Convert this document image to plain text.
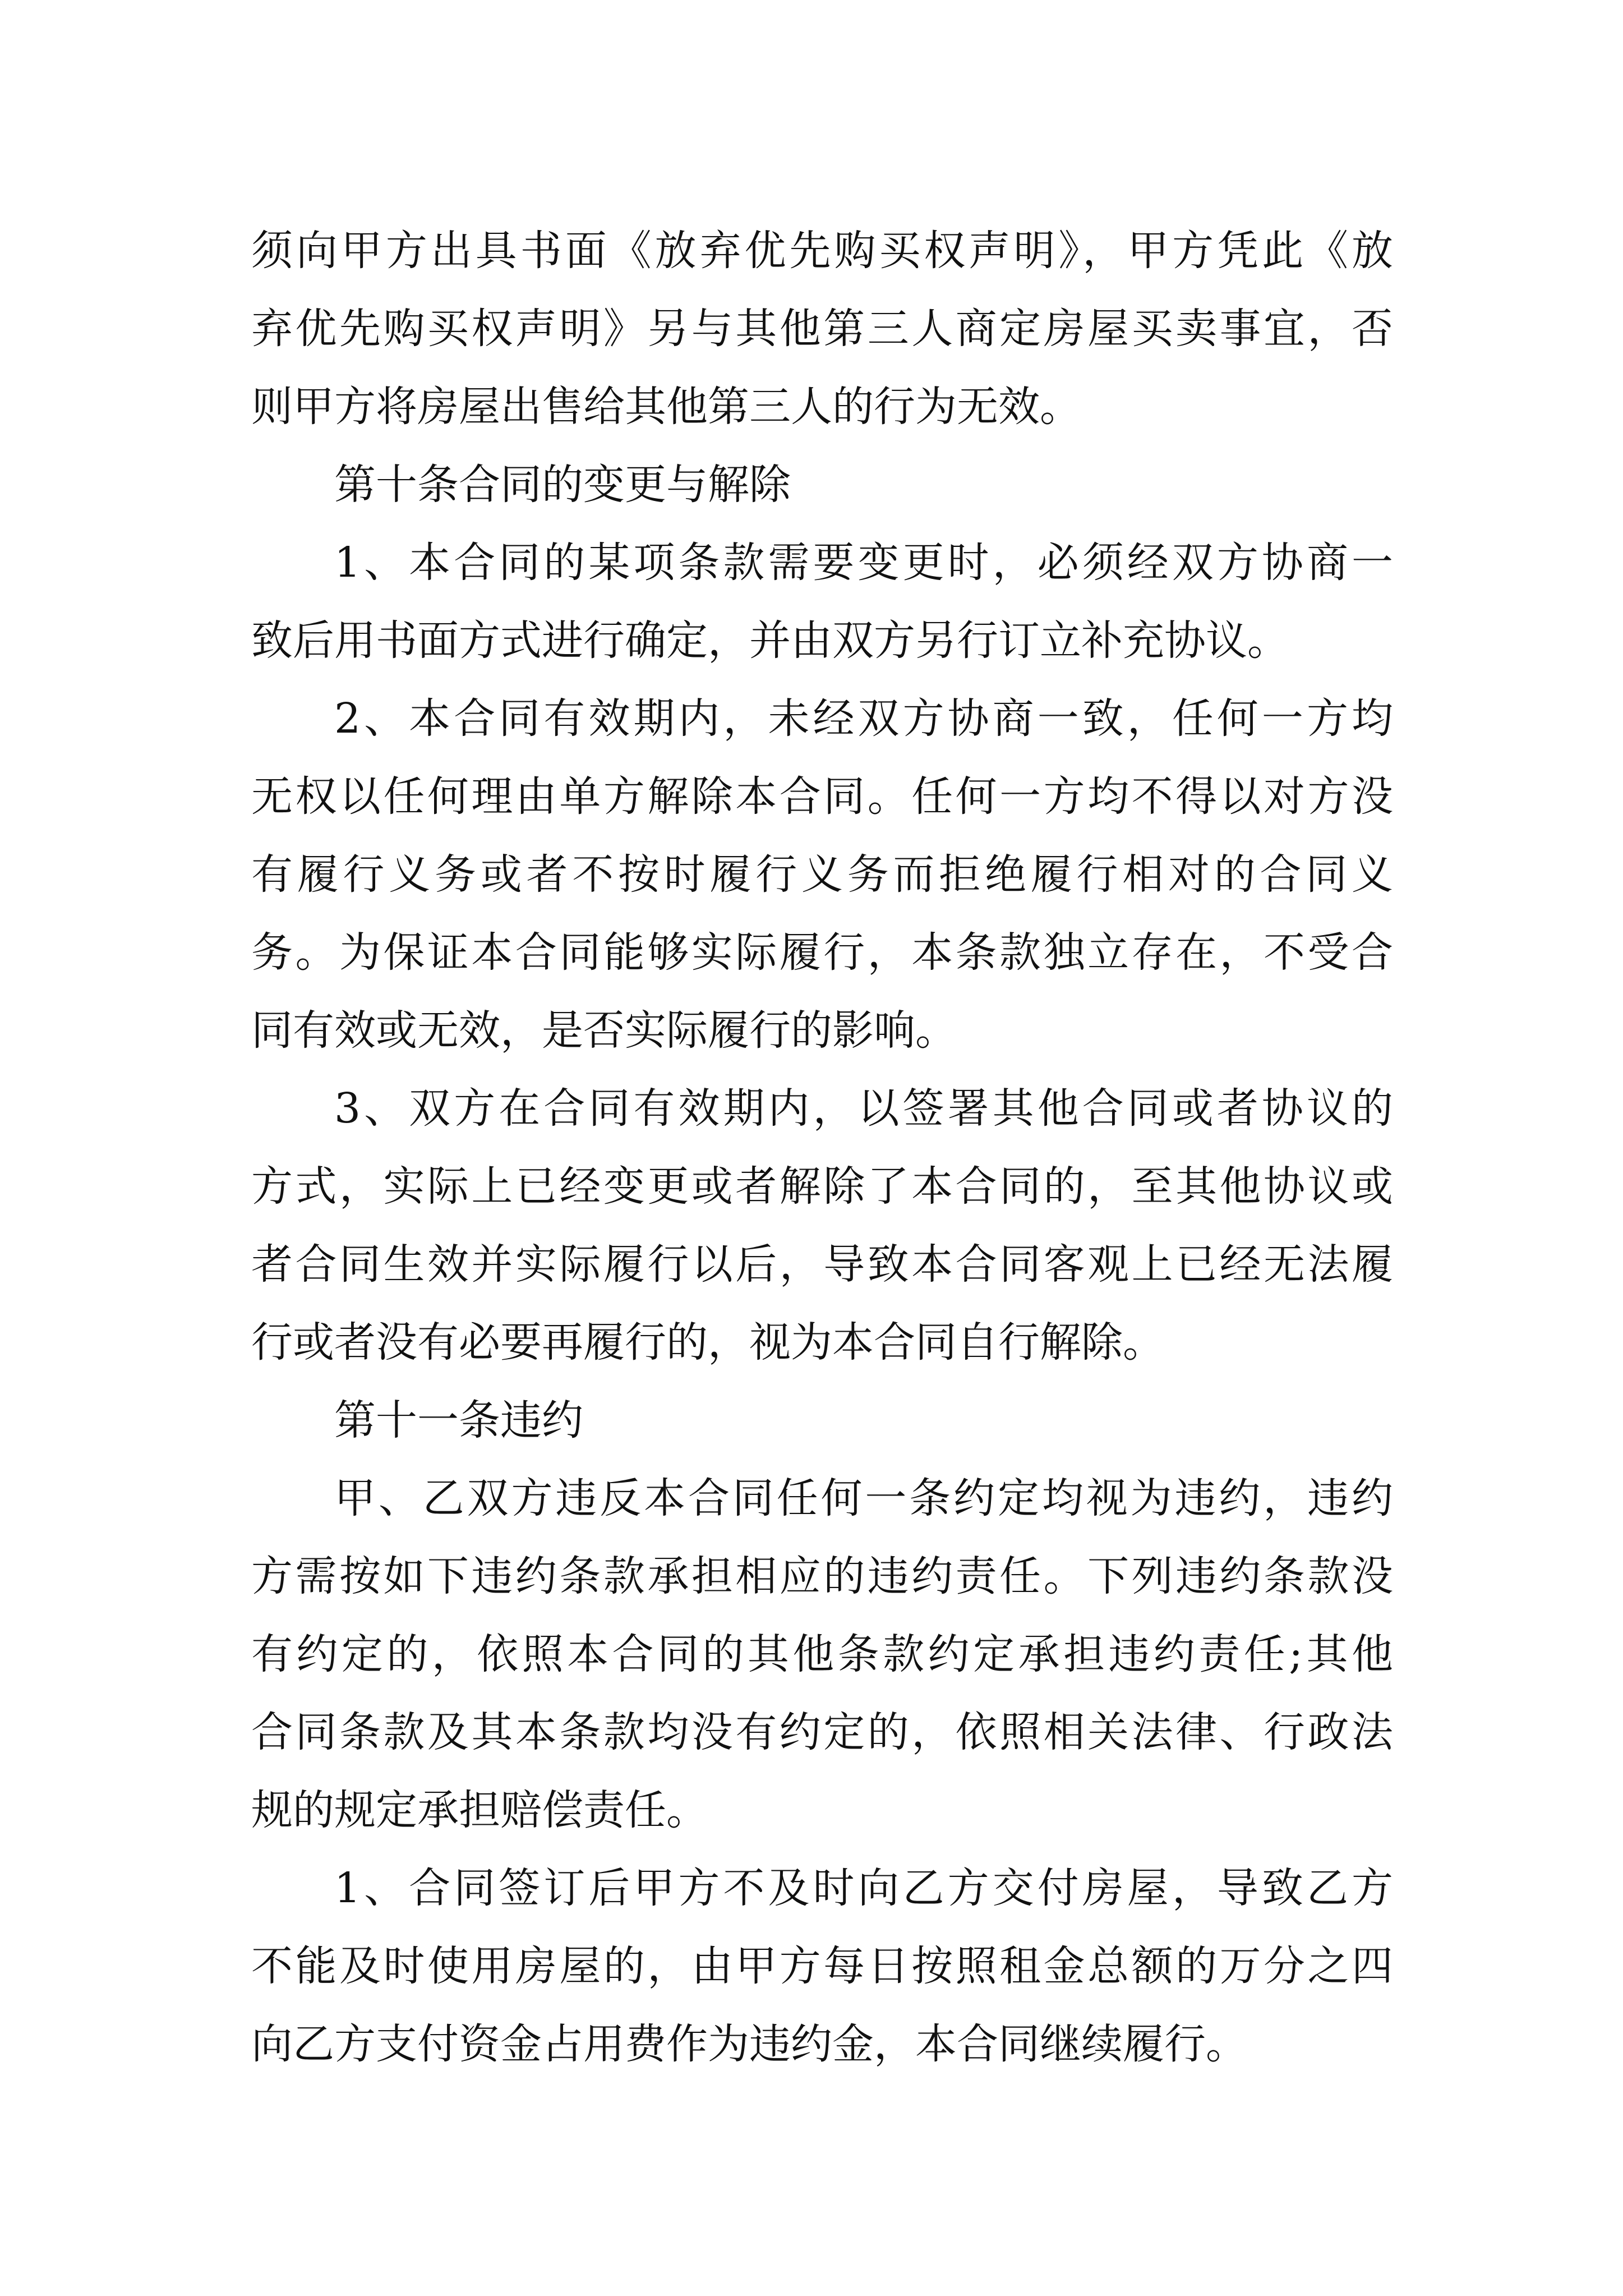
须向甲方出具书面《放弃优先购买权声明》，甲方凭此《放
弃优先购买权声明》另与其他第三人商定房屋买卖事宜，否
则甲方将房屋出售给其他第三人的行为无效。
第十条合同的变更与解除
1、本合同的某项条款需要变更时，必须经双方协商一
致后用书面方式进行确定，并由双方另行订立补充协议。
2、本合同有效期内，未经双方协商一致，任何一方均
无权以任何理由单方解除本合同。任何一方均不得以对方没
有履行义务或者不按时履行义务而拒绝履行相对的合同义
务。为保证本合同能够实际履行，本条款独立存在，不受合
同有效或无效，是否实际履行的影响。
3、双方在合同有效期内，以签署其他合同或者协议的
方式，实际上已经变更或者解除了本合同的，至其他协议或
者合同生效并实际履行以后，导致本合同客观上已经无法履
行或者没有必要再履行的，视为本合同自行解除。
第十一条违约
甲、乙双方违反本合同任何一条约定均视为违约，违约
方需按如下违约条款承担相应的违约责任。下列违约条款没
有约定的，依照本合同的其他条款约定承担违约责任;其他
合同条款及其本条款均没有约定的，依照相关法律、行政法
规的规定承担赔偿责任。
1、合同签订后甲方不及时向乙方交付房屋，导致乙方
不能及时使用房屋的，由甲方每日按照租金总额的万分之四
向乙方支付资金占用费作为违约金，本合同继续履行。
